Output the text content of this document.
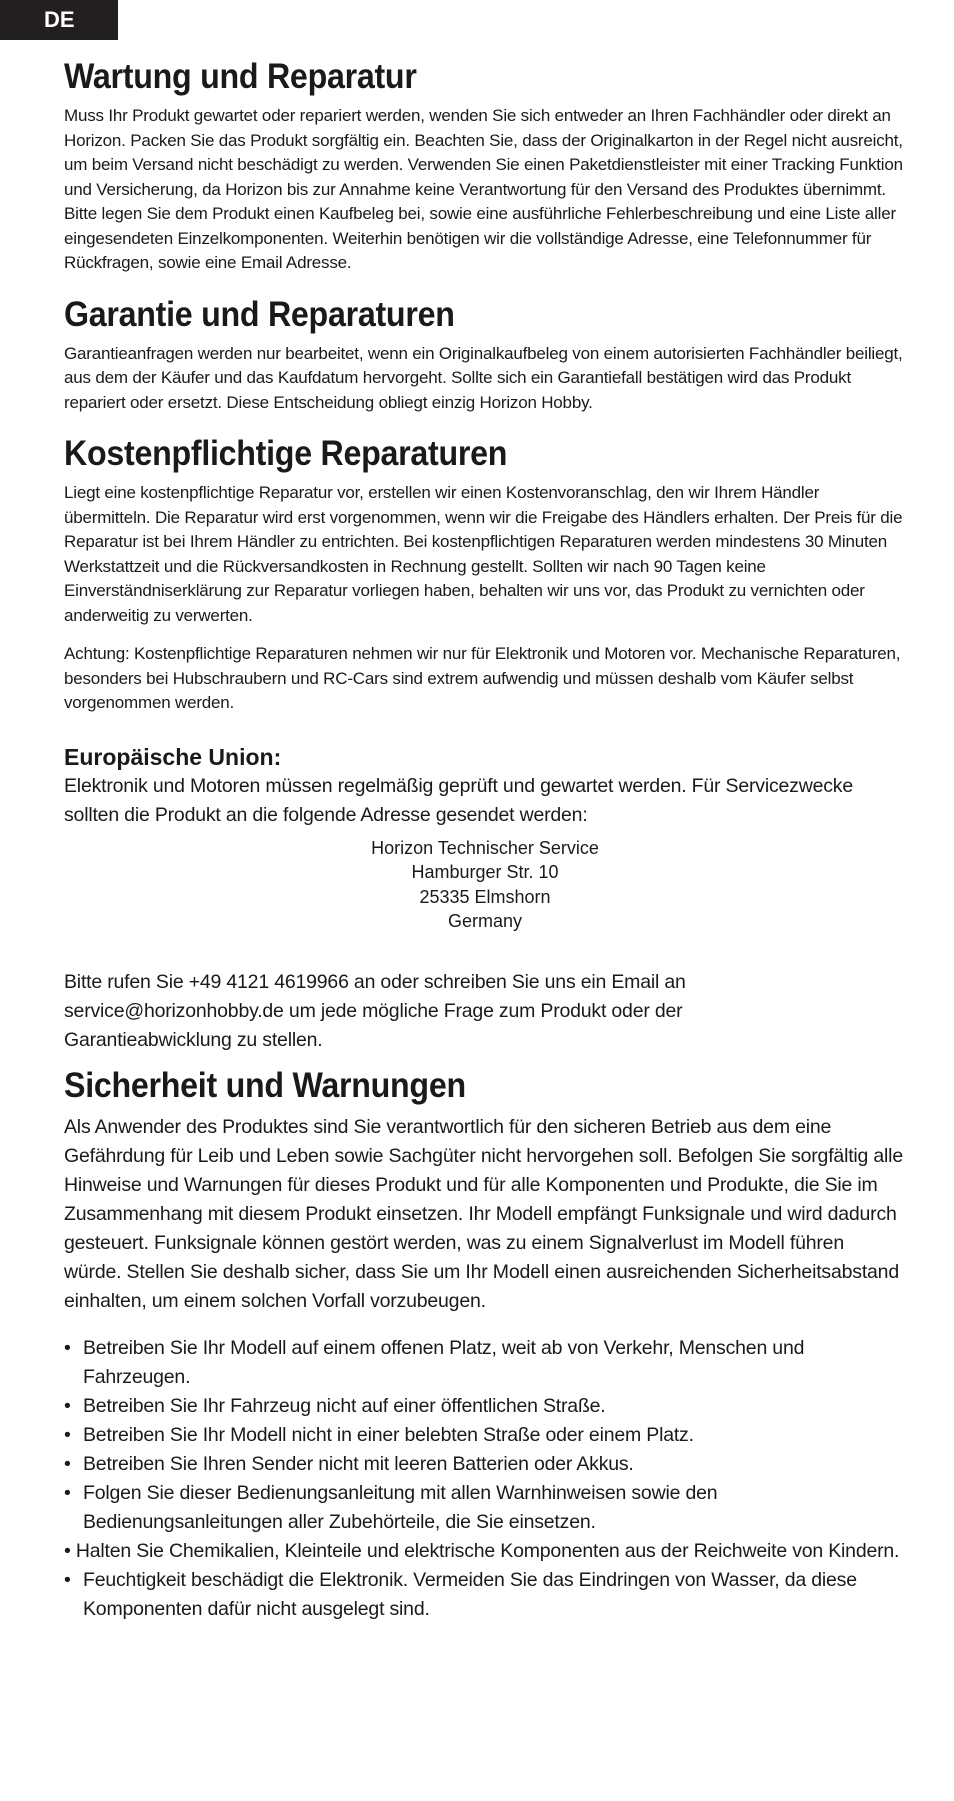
DE
Wartung und Reparatur

Muss Ihr Produkt gewartet oder repariert werden, wenden Sie sich entweder an Ihren Fachhändler oder direkt an Horizon. Packen Sie das Produkt sorgfältig ein. Beachten Sie, dass der Originalkarton in der Regel nicht ausreicht, um beim Versand nicht beschädigt zu werden. Verwenden Sie einen Paketdienstleister mit einer Tracking Funktion und Versicherung, da Horizon bis zur Annahme keine Verantwortung für den Versand des Produktes übernimmt. Bitte legen Sie dem Produkt einen Kaufbeleg bei, sowie eine ausführliche Fehlerbeschreibung und eine Liste aller eingesendeten Einzelkomponenten. Weiterhin benötigen wir die vollständige Adresse, eine Telefonnummer für Rückfragen, sowie eine Email Adresse.

Garantie und Reparaturen

Garantieanfragen werden nur bearbeitet, wenn ein Originalkaufbeleg von einem autorisierten Fachhändler beiliegt, aus dem der Käufer und das Kaufdatum hervorgeht. Sollte sich ein Garantiefall bestätigen wird das Produkt repariert oder ersetzt. Diese Entscheidung obliegt einzig Horizon Hobby.

Kostenpflichtige Reparaturen

Liegt eine kostenpflichtige Reparatur vor, erstellen wir einen Kostenvoranschlag, den wir Ihrem Händler übermitteln. Die Reparatur wird erst vorgenommen, wenn wir die Freigabe des Händlers erhalten. Der Preis für die Reparatur ist bei Ihrem Händler zu entrichten. Bei kostenpflichtigen Reparaturen werden mindestens 30 Minuten Werkstattzeit und die Rückversandkosten in Rechnung gestellt. Sollten wir nach 90 Tagen keine Einverständniserklärung zur Reparatur vorliegen haben, behalten wir uns vor, das Produkt zu vernichten oder anderweitig zu verwerten.

Achtung: Kostenpflichtige Reparaturen nehmen wir nur für Elektronik und Motoren vor. Mechanische Reparaturen, besonders bei Hubschraubern und RC-Cars sind extrem aufwendig und müssen deshalb vom Käufer selbst vorgenommen werden.

Europäische Union:

Elektronik und Motoren müssen regelmäßig geprüft und gewartet werden. Für Servicezwecke sollten die Produkt an die folgende Adresse gesendet werden:

Horizon Technischer Service
Hamburger Str. 10
25335 Elmshorn
Germany

Bitte rufen Sie +49 4121 4619966 an oder schreiben Sie uns ein Email an
service@horizonhobby.de um jede mögliche Frage zum Produkt oder der
Garantieabwicklung zu stellen.

Sicherheit und Warnungen

Als Anwender des Produktes sind Sie verantwortlich für den sicheren Betrieb aus dem eine Gefährdung für Leib und Leben sowie Sachgüter nicht hervorgehen soll. Befolgen Sie sorgfältig alle Hinweise und Warnungen für dieses Produkt und für alle Komponenten und Produkte, die Sie im Zusammenhang mit diesem Produkt einsetzen. Ihr Modell empfängt Funksignale und wird dadurch gesteuert. Funksignale können gestört werden, was zu einem Signalverlust im Modell führen würde. Stellen Sie deshalb sicher, dass Sie um Ihr Modell einen ausreichenden Sicherheitsabstand einhalten, um einem solchen Vorfall vorzubeugen.

• Betreiben Sie Ihr Modell auf einem offenen Platz, weit ab von Verkehr, Menschen und Fahrzeugen.
• Betreiben Sie Ihr Fahrzeug nicht auf einer öffentlichen Straße.
• Betreiben Sie Ihr Modell nicht in einer belebten Straße oder einem Platz.
• Betreiben Sie Ihren Sender nicht mit leeren Batterien oder Akkus.
• Folgen Sie dieser Bedienungsanleitung mit allen Warnhinweisen sowie den Bedienungsanleitungen aller Zubehörteile, die Sie einsetzen.
• Halten Sie Chemikalien, Kleinteile und elektrische Komponenten aus der Reichweite von Kindern.
• Feuchtigkeit beschädigt die Elektronik. Vermeiden Sie das Eindringen von Wasser, da diese Komponenten dafür nicht ausgelegt sind.
